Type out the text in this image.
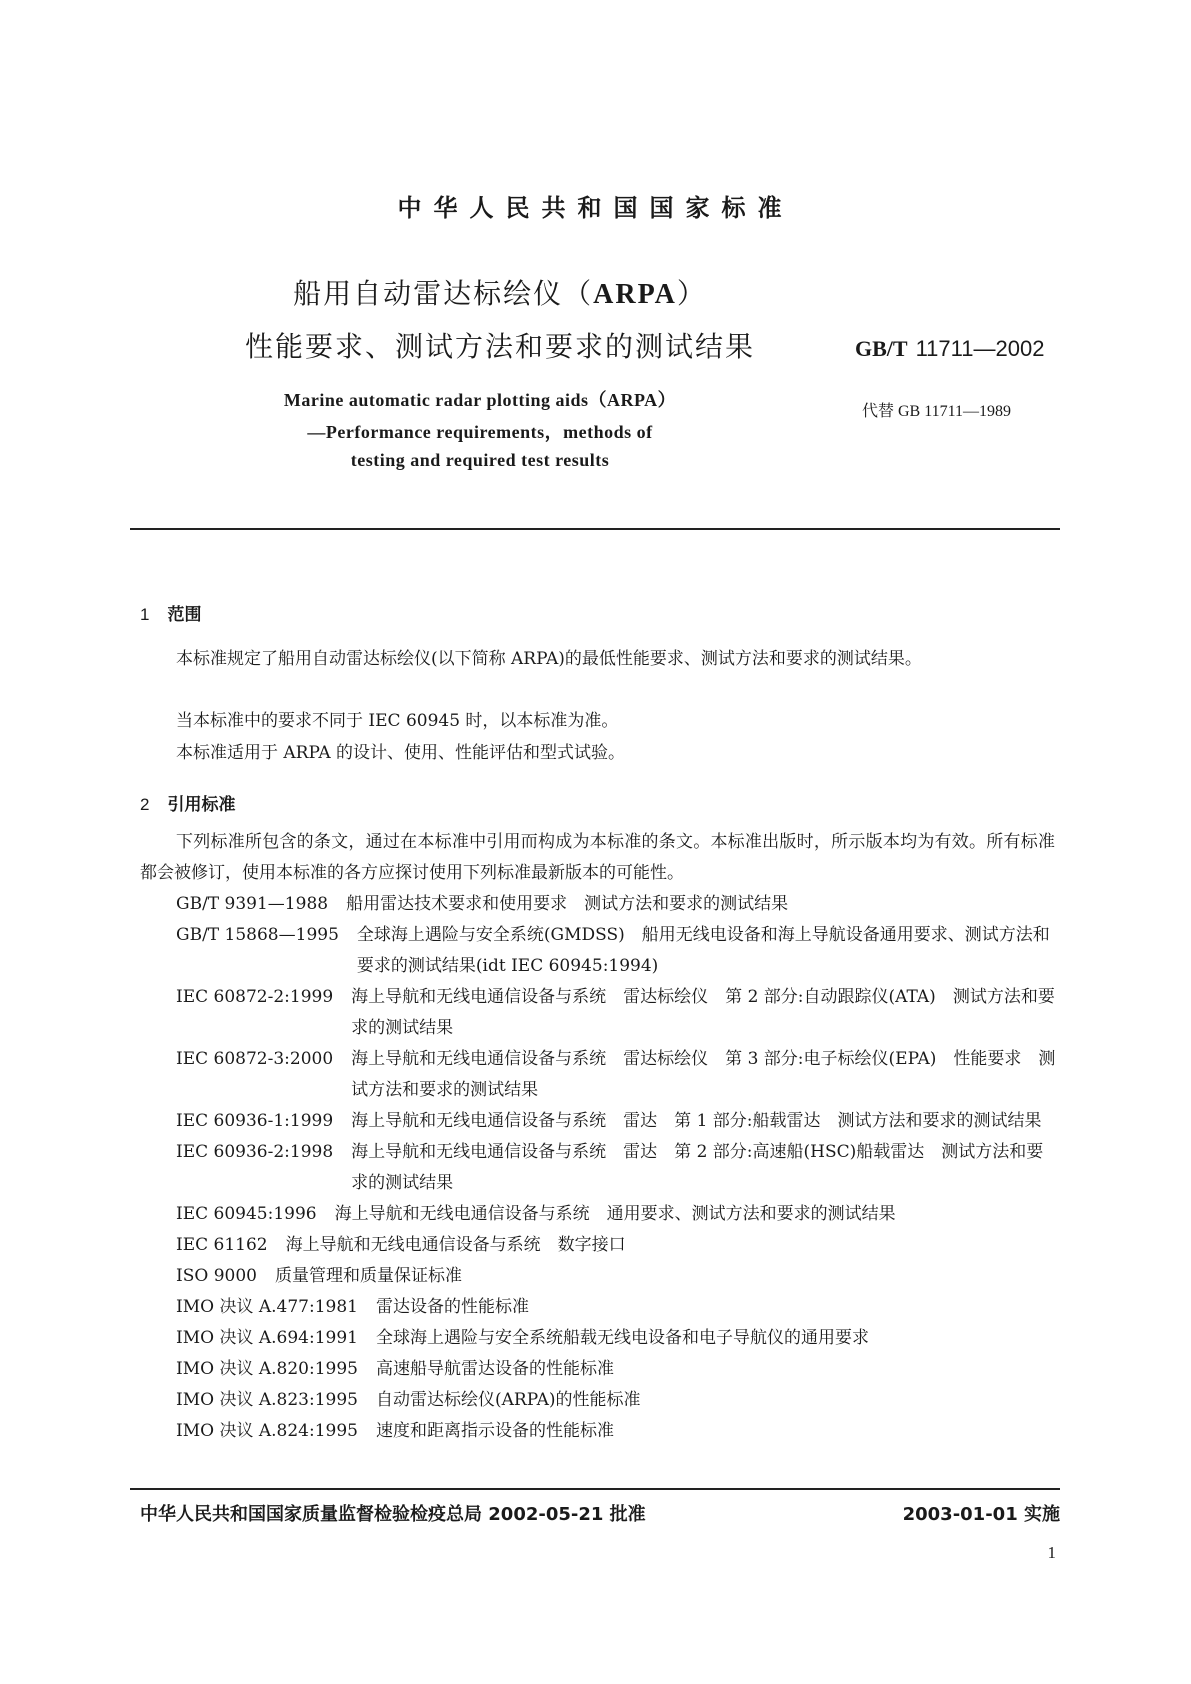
中华人民共和国国家标准
船用自动雷达标绘仪（ARPA）
性能要求、测试方法和要求的测试结果	GB/T 11711—2002
代替 GB 11711—1989
Marine automatic radar plotting aids（ARPA）
—Performance requirements，methods of
testing and required test results
1 范围
本标准规定了船用自动雷达标绘仪(以下简称 ARPA)的最低性能要求、测试方法和要求的测试结果。
当本标准中的要求不同于 IEC 60945 时，以本标准为准。
本标准适用于 ARPA 的设计、使用、性能评估和型式试验。
2 引用标准
下列标准所包含的条文，通过在本标准中引用而构成为本标准的条文。本标准出版时，所示版本均为有效。所有标准都会被修订，使用本标准的各方应探讨使用下列标准最新版本的可能性。
GB/T 9391—1988 船用雷达技术要求和使用要求　测试方法和要求的测试结果
GB/T 15868—1995 全球海上遇险与安全系统(GMDSS)　船用无线电设备和海上导航设备通用要求、测试方法和要求的测试结果(idt IEC 60945:1994)
IEC 60872-2:1999 海上导航和无线电通信设备与系统　雷达标绘仪　第 2 部分:自动跟踪仪(ATA)　测试方法和要求的测试结果
IEC 60872-3:2000 海上导航和无线电通信设备与系统　雷达标绘仪　第 3 部分:电子标绘仪(EPA)　性能要求　测试方法和要求的测试结果
IEC 60936-1:1999 海上导航和无线电通信设备与系统　雷达　第 1 部分:船载雷达　测试方法和要求的测试结果
IEC 60936-2:1998 海上导航和无线电通信设备与系统　雷达　第 2 部分:高速船(HSC)船载雷达　测试方法和要求的测试结果
IEC 60945:1996 海上导航和无线电通信设备与系统　通用要求、测试方法和要求的测试结果
IEC 61162 海上导航和无线电通信设备与系统　数字接口
ISO 9000 质量管理和质量保证标准
IMO 决议 A.477:1981 雷达设备的性能标准
IMO 决议 A.694:1991 全球海上遇险与安全系统船载无线电设备和电子导航仪的通用要求
IMO 决议 A.820:1995 高速船导航雷达设备的性能标准
IMO 决议 A.823:1995 自动雷达标绘仪(ARPA)的性能标准
IMO 决议 A.824:1995 速度和距离指示设备的性能标准
中华人民共和国国家质量监督检验检疫总局 2002-05-21 批准	2003-01-01 实施
1
